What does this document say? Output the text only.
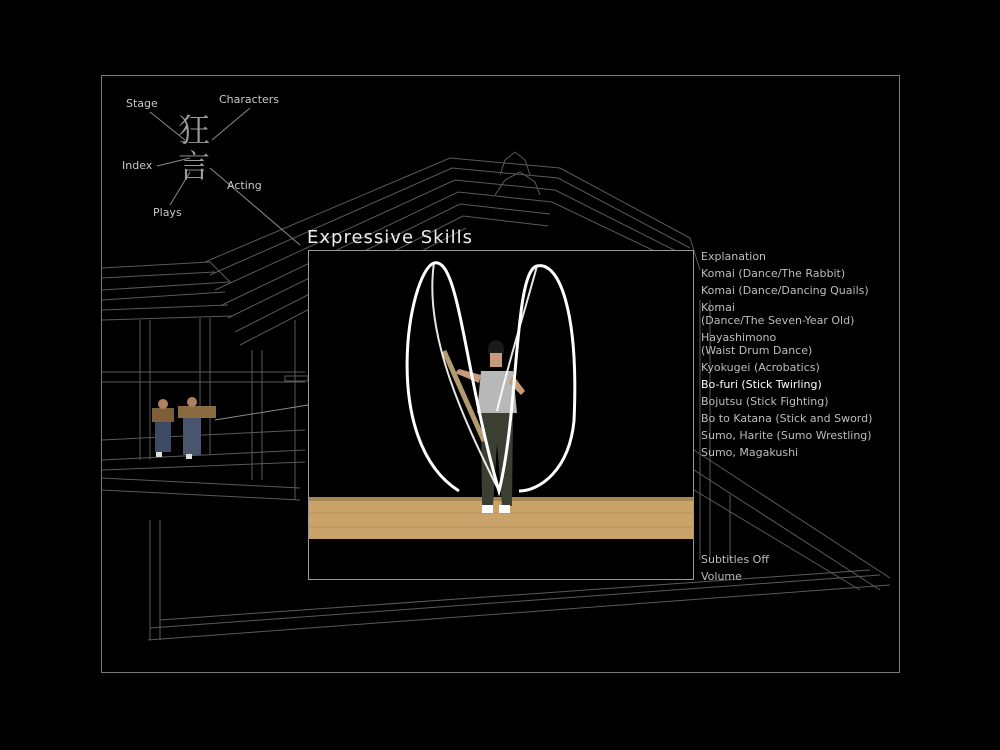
Stage	Characters
Index
Acting
Plays
狂言
Expressive Skills
Explanation
Komai (Dance/The Rabbit)
Komai (Dance/Dancing Quails)
Komai
(Dance/The Seven-Year Old)
Hayashimono
(Waist Drum Dance)
Kyokugei (Acrobatics)
Bo-furi (Stick Twirling)
Bojutsu (Stick Fighting)
Bo to Katana (Stick and Sword)
Sumo, Harite (Sumo Wrestling)
Sumo, Magakushi
Subtitles Off
Volume
